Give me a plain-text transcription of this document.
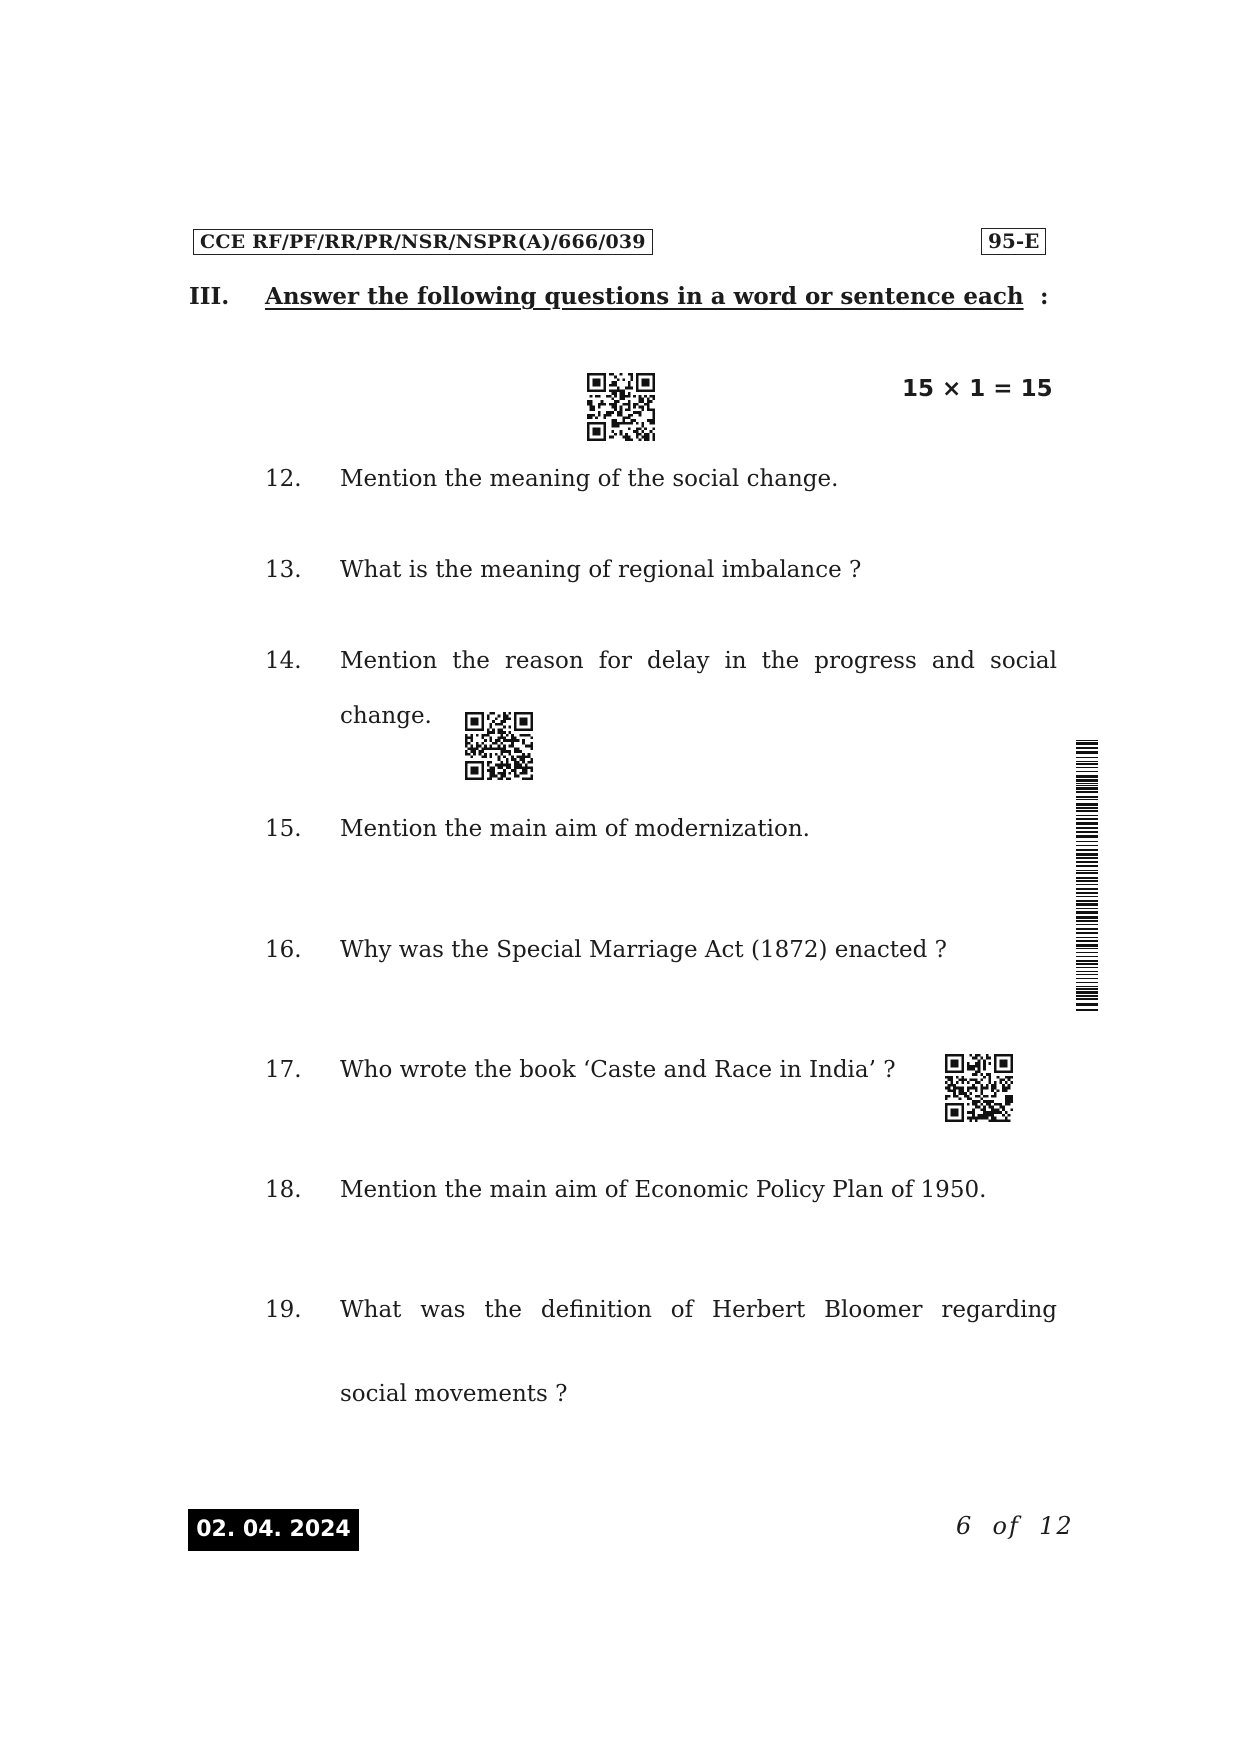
CCE RF/PF/RR/PR/NSR/NSPR(A)/666/039	95-E
III. Answer the following questions in a word or sentence each :
15 × 1 = 15
12. Mention the meaning of the social change.
13. What is the meaning of regional imbalance ?
14. Mention the reason for delay in the progress and social
change.
15. Mention the main aim of modernization.
16. Why was the Special Marriage Act (1872) enacted ?
17. Who wrote the book ‘Caste and Race in India’ ?
18. Mention the main aim of Economic Policy Plan of 1950.
19. What was the definition of Herbert Bloomer regarding
social movements ?
02. 04. 2024	6  of  12
